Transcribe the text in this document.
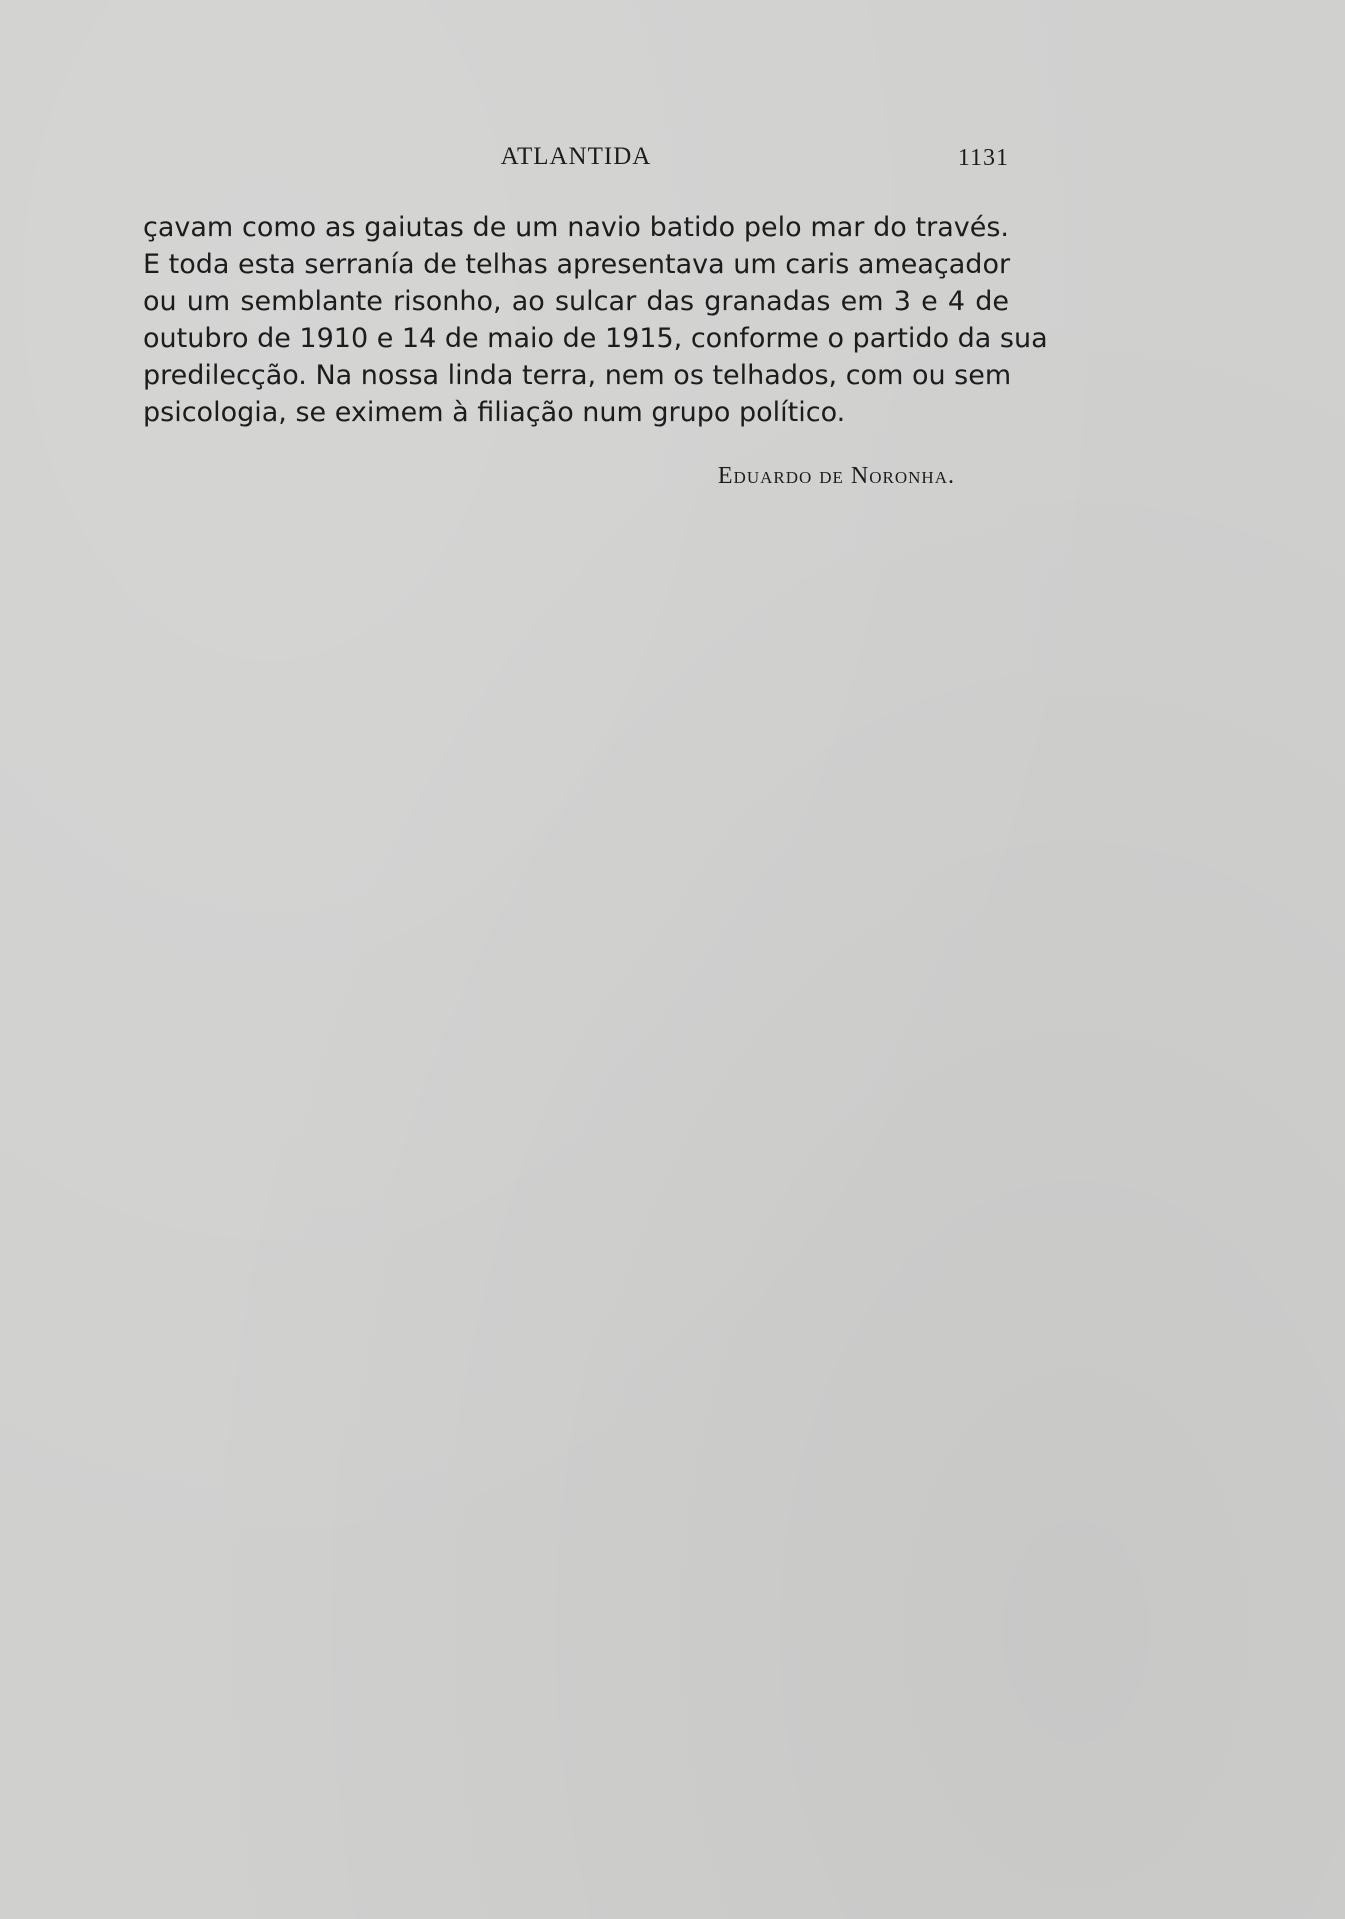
ATLANTIDA	1131
çavam como as gaiutas de um navio batido pelo mar do través.
E toda esta serranía de telhas apresentava um caris ameaçador
ou um semblante risonho, ao sulcar das granadas em 3 e 4 de
outubro de 1910 e 14 de maio de 1915, conforme o partido da sua
predilecção. Na nossa linda terra, nem os telhados, com ou sem
psicologia, se eximem à filiação num grupo político.
Eduardo de Noronha.
